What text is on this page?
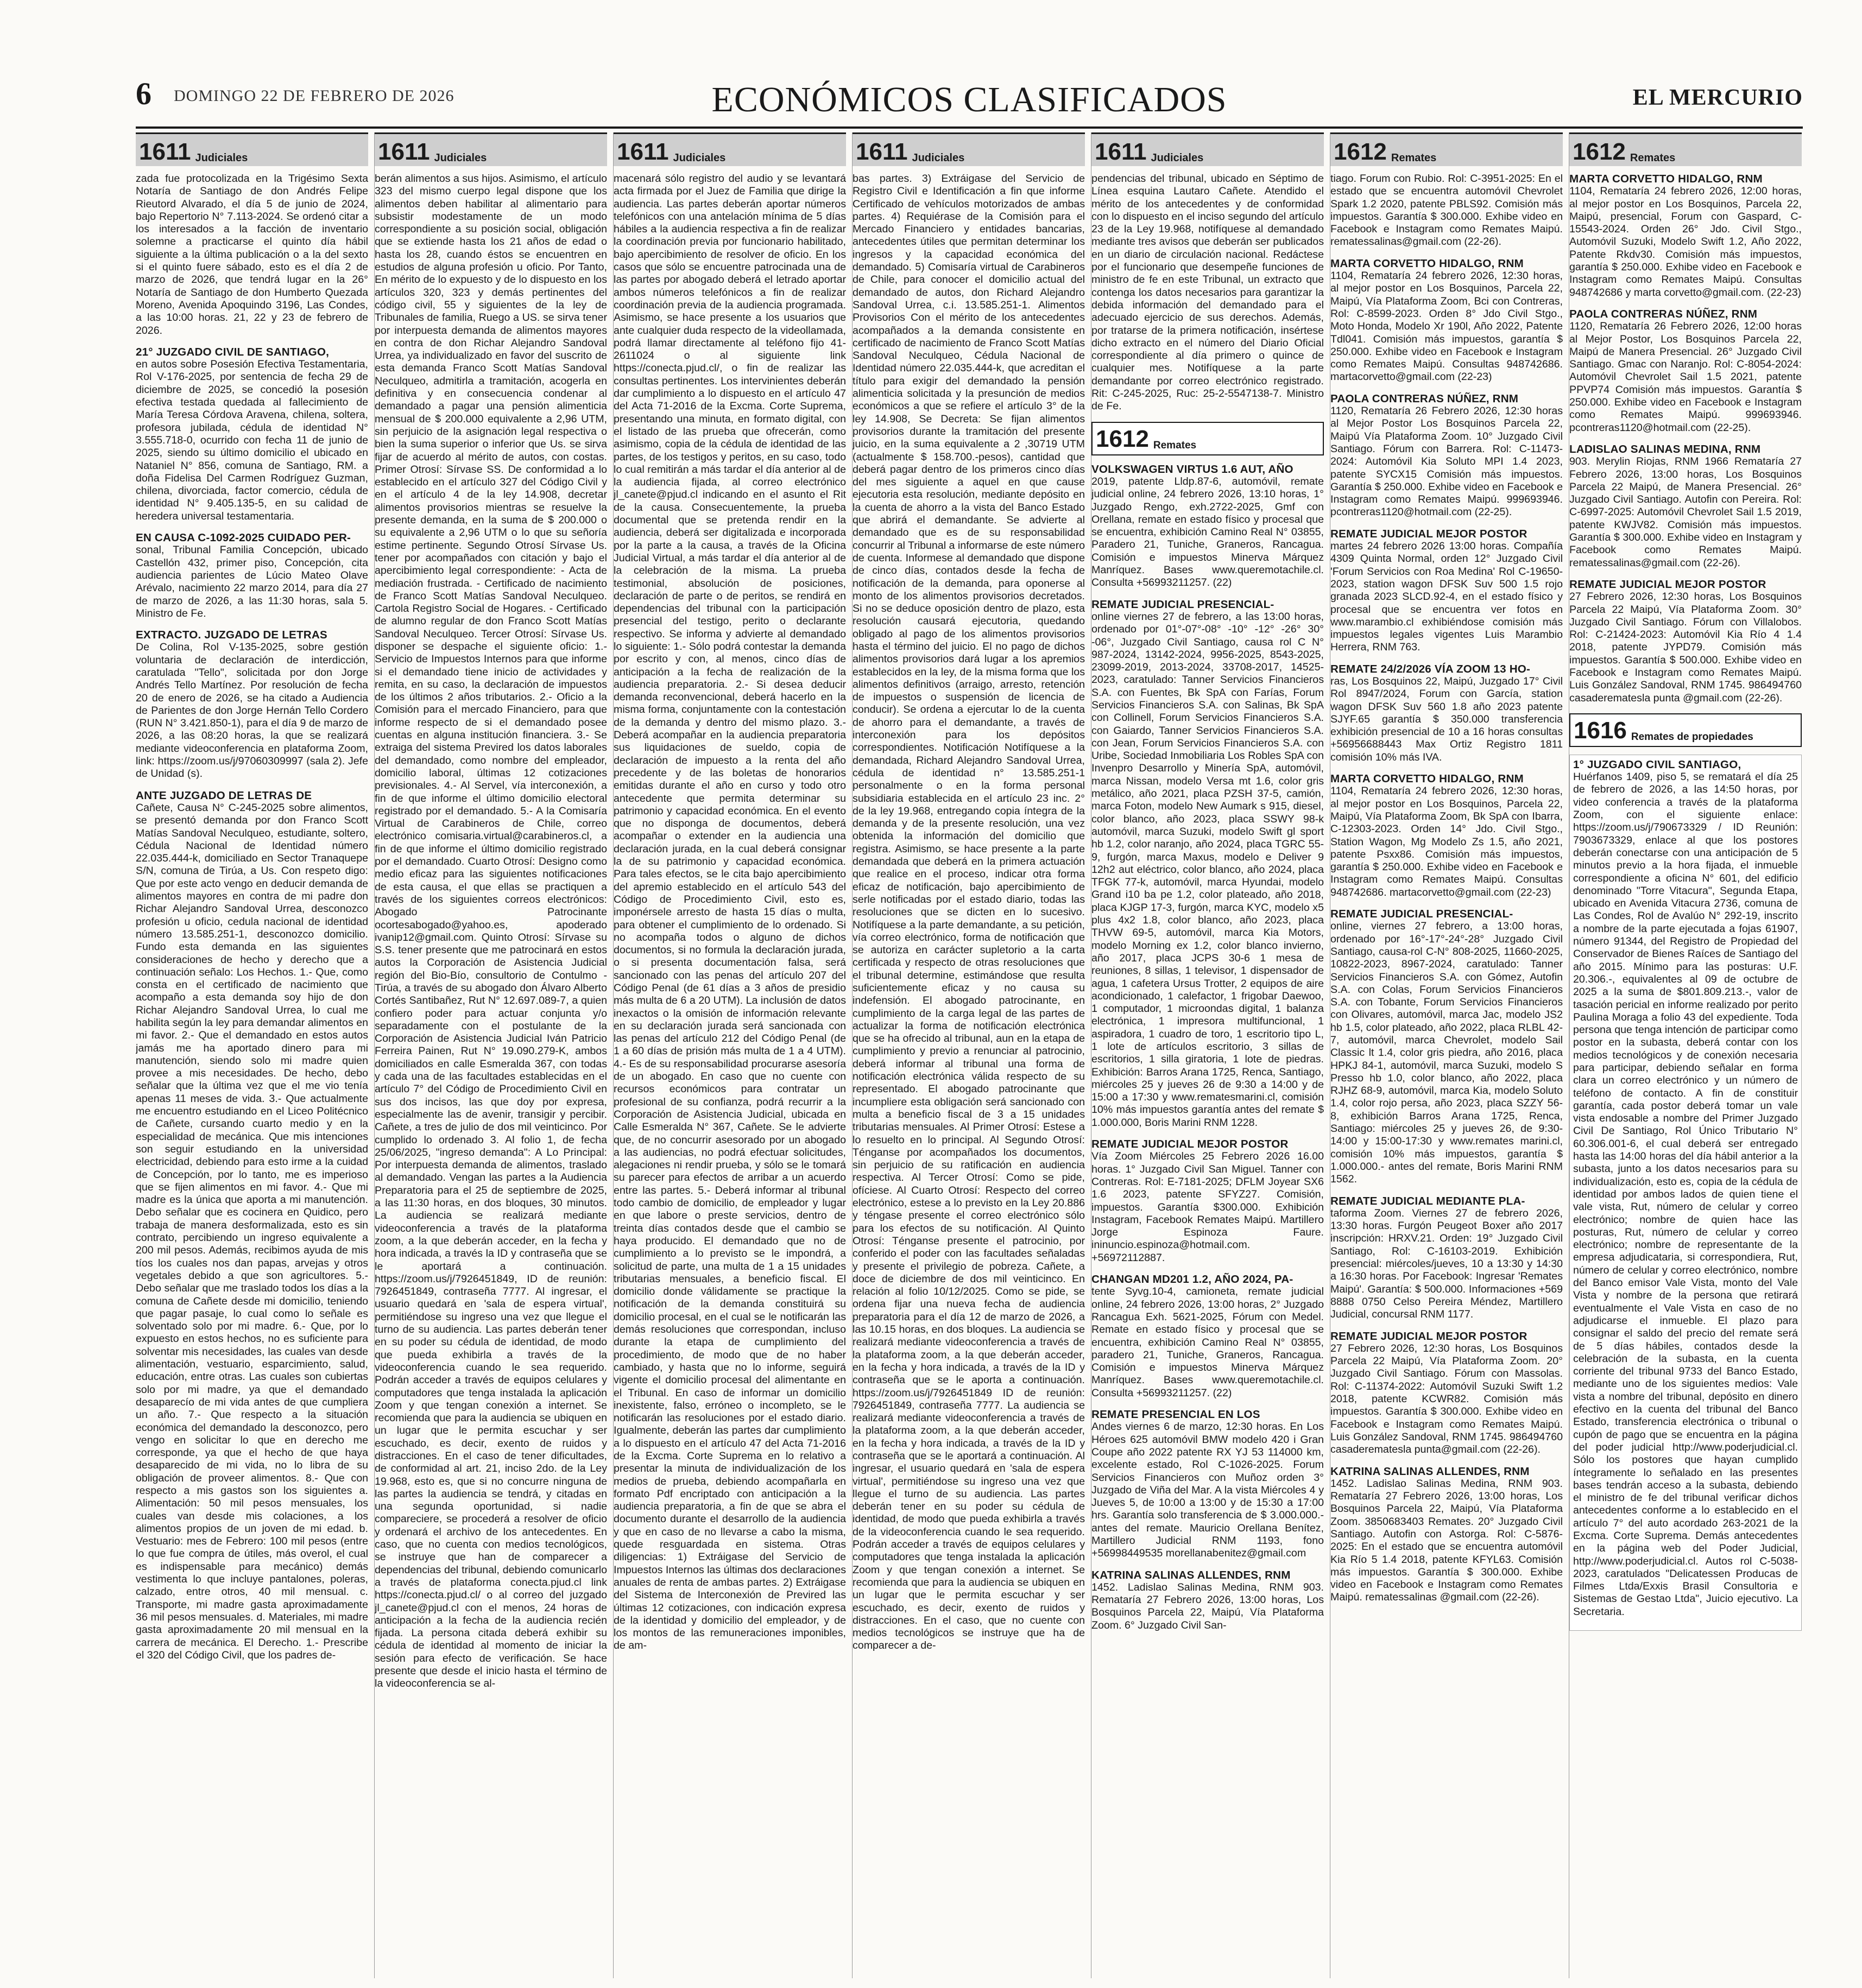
6 DOMINGO 22 DE FEBRERO DE 2026	ECONÓMICOS CLASIFICADOS	EL MERCURIO
1611 Judiciales
zada fue protocolizada en la Trigésimo Sexta Notaría de Santiago de don Andrés Felipe Rieutord Alvarado, el día 5 de junio de 2024, bajo Repertorio N° 7.113-2024. Se ordenó citar a los interesados a la facción de inventario solemne a practicarse el quinto día hábil siguiente a la última publicación o a la del sexto si el quinto fuere sábado, esto es el día 2 de marzo de 2026, que tendrá lugar en la 26° Notaría de Santiago de don Humberto Quezada Moreno, Avenida Apoquindo 3196, Las Condes, a las 10:00 horas. 21, 22 y 23 de febrero de 2026.
21° JUZGADO CIVIL DE SANTIAGO,
en autos sobre Posesión Efectiva Testamentaria, Rol V-176-2025, por sentencia de fecha 29 de diciembre de 2025, se concedió la posesión efectiva testada quedada al fallecimiento de María Teresa Córdova Aravena, chilena, soltera, profesora jubilada, cédula de identidad N° 3.555.718-0, ocurrido con fecha 11 de junio de 2025, siendo su último domicilio el ubicado en Nataniel N° 856, comuna de Santiago, RM. a doña Fidelisa Del Carmen Rodríguez Guzman, chilena, divorciada, factor comercio, cédula de identidad N° 9.405.135-5, en su calidad de heredera universal testamentaria.
EN CAUSA C-1092-2025 CUIDADO PER-
sonal, Tribunal Familia Concepción, ubicado Castellón 432, primer piso, Concepción, cita audiencia parientes de Lúcio Mateo Olave Arévalo, nacimiento 22 marzo 2014, para día 27 de marzo de 2026, a las 11:30 horas, sala 5. Ministro de Fe.
EXTRACTO. JUZGADO DE LETRAS
De Colina, Rol V-135-2025, sobre gestión voluntaria de declaración de interdicción, caratulada "Tello", solicitada por don Jorge Andrés Tello Martínez. Por resolución de fecha 20 de enero de 2026, se ha citado a Audiencia de Parientes de don Jorge Hernán Tello Cordero (RUN N° 3.421.850-1), para el día 9 de marzo de 2026, a las 08:20 horas, la que se realizará mediante videoconferencia en plataforma Zoom, link: https://zoom.us/j/97060309997 (sala 2). Jefe de Unidad (s).
ANTE JUZGADO DE LETRAS DE
Cañete, Causa N° C-245-2025 sobre alimentos, se presentó demanda por don Franco Scott Matías Sandoval Neculqueo, estudiante, soltero, Cédula Nacional de Identidad número 22.035.444-k, domiciliado en Sector Tranaquepe S/N, comuna de Tirúa, a Us. Con respeto digo: Que por este acto vengo en deducir demanda de alimentos mayores en contra de mi padre don Richar Alejandro Sandoval Urrea, desconozco profesión u oficio, cedula nacional de identidad número 13.585.251-1, desconozco domicilio. Fundo esta demanda en las siguientes consideraciones de hecho y derecho que a continuación señalo: Los Hechos. 1.- Que, como consta en el certificado de nacimiento que acompaño a esta demanda soy hijo de don Richar Alejandro Sandoval Urrea, lo cual me habilita según la ley para demandar alimentos en mi favor. 2.- Que el demandado en estos autos jamás me ha aportado dinero para mi manutención, siendo solo mi madre quien provee a mis necesidades. De hecho, debo señalar que la última vez que el me vio tenía apenas 11 meses de vida. 3.- Que actualmente me encuentro estudiando en el Liceo Politécnico de Cañete, cursando cuarto medio y en la especialidad de mecánica. Que mis intenciones son seguir estudiando en la universidad electricidad, debiendo para esto irme a la cuidad de Concepción, por lo tanto, me es imperioso que se fijen alimentos en mi favor. 4.- Que mi madre es la única que aporta a mi manutención. Debo señalar que es cocinera en Quidico, pero trabaja de manera desformalizada, esto es sin contrato, percibiendo un ingreso equivalente a 200 mil pesos. Además, recibimos ayuda de mis tíos los cuales nos dan papas, arvejas y otros vegetales debido a que son agricultores. 5.- Debo señalar que me traslado todos los días a la comuna de Cañete desde mi domicilio, teniendo que pagar pasaje, lo cual como lo señale es solventado solo por mi madre. 6.- Que, por lo expuesto en estos hechos, no es suficiente para solventar mis necesidades, las cuales van desde alimentación, vestuario, esparcimiento, salud, educación, entre otras. Las cuales son cubiertas solo por mi madre, ya que el demandado desaparecío de mi vida antes de que cumpliera un año. 7.- Que respecto a la situación económica del demandado la desconozco, pero vengo en solicitar lo que en derecho me corresponde, ya que el hecho de que haya desaparecido de mi vida, no lo libra de su obligación de proveer alimentos. 8.- Que con respecto a mis gastos son los siguientes a. Alimentación: 50 mil pesos mensuales, los cuales van desde mis colaciones, a los alimentos propios de un joven de mi edad. b. Vestuario: mes de Febrero: 100 mil pesos (entre lo que fue compra de útiles, más overol, el cual es indispensable para mecánico) demás vestimenta lo que incluye pantalones, poleras, calzado, entre otros, 40 mil mensual. c. Transporte, mi madre gasta aproximadamente 36 mil pesos mensuales. d. Materiales, mi madre gasta aproximadamente 20 mil mensual en la carrera de mecánica. El Derecho. 1.- Prescribe el 320 del Código Civil, que los padres de-
1611 Judiciales
berán alimentos a sus hijos. Asimismo, el artículo 323 del mismo cuerpo legal dispone que los alimentos deben habilitar al alimentario para subsistir modestamente de un modo correspondiente a su posición social, obligación que se extiende hasta los 21 años de edad o hasta los 28, cuando éstos se encuentren en estudios de alguna profesión u oficio. Por Tanto, En mérito de lo expuesto y de lo dispuesto en los artículos 320, 323 y demás pertinentes del código civil, 55 y siguientes de la ley de Tribunales de familia, Ruego a US. se sirva tener por interpuesta demanda de alimentos mayores en contra de don Richar Alejandro Sandoval Urrea, ya individualizado en favor del suscrito de esta demanda Franco Scott Matías Sandoval Neculqueo, admitirla a tramitación, acogerla en definitiva y en consecuencia condenar al demandado a pagar una pensión alimenticia mensual de $ 200.000 equivalente a 2,96 UTM, sin perjuicio de la asignación legal respectiva o bien la suma superior o inferior que Us. se sirva fijar de acuerdo al mérito de autos, con costas. Primer Otrosí: Sírvase SS. De conformidad a lo establecido en el artículo 327 del Código Civil y en el artículo 4 de la ley 14.908, decretar alimentos provisorios mientras se resuelve la presente demanda, en la suma de $ 200.000 o su equivalente a 2,96 UTM o lo que su señoría estime pertinente. Segundo Otrosí Sírvase Us. tener por acompañados con citación y bajo el apercibimiento legal correspondiente: - Acta de mediación frustrada. - Certificado de nacimiento de Franco Scott Matías Sandoval Neculqueo. Cartola Registro Social de Hogares. - Certificado de alumno regular de don Franco Scott Matías Sandoval Neculqueo. Tercer Otrosí: Sírvase Us. disponer se despache el siguiente oficio: 1.- Servicio de Impuestos Internos para que informe si el demandado tiene inicio de actividades y remita, en su caso, la declaración de impuestos de los últimos 2 años tributarios. 2.- Oficio a la Comisión para el mercado Financiero, para que informe respecto de si el demandado posee cuentas en alguna institución financiera. 3.- Se extraiga del sistema Previred los datos laborales del demandado, como nombre del empleador, domicilio laboral, últimas 12 cotizaciones previsionales. 4.- Al Servel, vía interconexión, a fin de que informe el último domicilio electoral registrado por el demandado. 5.- A la Comisaría Virtual de Carabineros de Chile, correo electrónico comisaria.virtual@carabineros.cl, a fin de que informe el último domicilio registrado por el demandado. Cuarto Otrosí: Designo como medio eficaz para las siguientes notificaciones de esta causa, el que ellas se practiquen a través de los siguientes correos electrónicos: Abogado Patrocinante ocortesabogado@yahoo.es, apoderado ivanip12@gmail.com. Quinto Otrosí: Sírvase su S.S. tener presente que me patrocinará en estos autos la Corporación de Asistencia Judicial región del Bio-Bío, consultorio de Contulmo - Tirúa, a través de su abogado don Álvaro Alberto Cortés Santibañez, Rut N° 12.697.089-7, a quien confiero poder para actuar conjunta y/o separadamente con el postulante de la Corporación de Asistencia Judicial Iván Patricio Ferreira Painen, Rut N° 19.090.279-K, ambos domiciliados en calle Esmeralda 367, con todas y cada una de las facultades establecidas en el artículo 7° del Código de Procedimiento Civil en sus dos incisos, las que doy por expresa, especialmente las de avenir, transigir y percibir. Cañete, a tres de julio de dos mil veinticinco. Por cumplido lo ordenado 3. Al folio 1, de fecha 25/06/2025, "ingreso demanda": A Lo Principal: Por interpuesta demanda de alimentos, traslado al demandado. Vengan las partes a la Audiencia Preparatoria para el 25 de septiembre de 2025, a las 11:30 horas, en dos bloques, 30 minutos. La audiencia se realizará mediante videoconferencia a través de la plataforma zoom, a la que deberán acceder, en la fecha y hora indicada, a través la ID y contraseña que se le aportará a continuación. https://zoom.us/j/7926451849, ID de reunión: 7926451849, contraseña 7777. Al ingresar, el usuario quedará en 'sala de espera virtual', permitiéndose su ingreso una vez que llegue el turno de su audiencia. Las partes deberán tener en su poder su cédula de identidad, de modo que pueda exhibirla a través de la videoconferencia cuando le sea requerido. Podrán acceder a través de equipos celulares y computadores que tenga instalada la aplicación Zoom y que tengan conexión a internet. Se recomienda que para la audiencia se ubiquen en un lugar que le permita escuchar y ser escuchado, es decir, exento de ruidos y distracciones. En el caso de tener dificultades, de conformidad al art. 21, inciso 2do. de la Ley 19.968, esto es, que si no concurre ninguna de las partes la audiencia se tendrá, y citadas en una segunda oportunidad, si nadie compareciere, se procederá a resolver de oficio y ordenará el archivo de los antecedentes. En caso, que no cuenta con medios tecnológicos, se instruye que han de comparecer a dependencias del tribunal, debiendo comunicarlo a través de plataforma conecta.pjud.cl link https://conecta.pjud.cl/ o al correo del juzgado jl_canete@pjud.cl con el menos, 24 horas de anticipación a la fecha de la audiencia recién fijada. La persona citada deberá exhibir su cédula de identidad al momento de iniciar la sesión para efecto de verificación. Se hace presente que desde el inicio hasta el término de la videoconferencia se al-
1611 Judiciales
macenará sólo registro del audio y se levantará acta firmada por el Juez de Familia que dirige la audiencia. Las partes deberán aportar números telefónicos con una antelación mínima de 5 días hábiles a la audiencia respectiva a fin de realizar la coordinación previa por funcionario habilitado, bajo apercibimiento de resolver de oficio. En los casos que sólo se encuentre patrocinada una de las partes por abogado deberá el letrado aportar ambos números telefónicos a fin de realizar coordinación previa de la audiencia programada. Asimismo, se hace presente a los usuarios que ante cualquier duda respecto de la videollamada, podrá llamar directamente al teléfono fijo 41-2611024 o al siguiente link https://conecta.pjud.cl/, o fin de realizar las consultas pertinentes. Los intervinientes deberán dar cumplimiento a lo dispuesto en el artículo 47 del Acta 71-2016 de la Excma. Corte Suprema, presentando una minuta, en formato digital, con el listado de las prueba que ofrecerán, como asimismo, copia de la cédula de identidad de las partes, de los testigos y peritos, en su caso, todo lo cual remitirán a más tardar el día anterior al de la audiencia fijada, al correo electrónico jl_canete@pjud.cl indicando en el asunto el Rit de la causa. Consecuentemente, la prueba documental que se pretenda rendir en la audiencia, deberá ser digitalizada e incorporada por la parte a la causa, a través de la Oficina Judicial Virtual, a más tardar el día anterior al de la celebración de la misma. La prueba testimonial, absolución de posiciones, declaración de parte o de peritos, se rendirá en dependencias del tribunal con la participación presencial del testigo, perito o declarante respectivo. Se informa y advierte al demandado lo siguiente: 1.- Sólo podrá contestar la demanda por escrito y con, al menos, cinco días de anticipación a la fecha de realización de la audiencia preparatoria. 2.- Si desea deducir demanda reconvencional, deberá hacerlo en la misma forma, conjuntamente con la contestación de la demanda y dentro del mismo plazo. 3.- Deberá acompañar en la audiencia preparatoria sus liquidaciones de sueldo, copia de declaración de impuesto a la renta del año precedente y de las boletas de honorarios emitidas durante el año en curso y todo otro antecedente que permita determinar su patrimonio y capacidad económica. En el evento que no disponga de documentos, deberá acompañar o extender en la audiencia una declaración jurada, en la cual deberá consignar la de su patrimonio y capacidad económica. Para tales efectos, se le cita bajo apercibimiento del apremio establecido en el artículo 543 del Código de Procedimiento Civil, esto es, imponérsele arresto de hasta 15 días o multa, para obtener el cumplimiento de lo ordenado. Si no acompaña todos o alguno de dichos documentos, si no formula la declaración jurada, o si presenta documentación falsa, será sancionado con las penas del artículo 207 del Código Penal (de 61 días a 3 años de presidio más multa de 6 a 20 UTM). La inclusión de datos inexactos o la omisión de información relevante en su declaración jurada será sancionada con las penas del artículo 212 del Código Penal (de 1 a 60 días de prisión más multa de 1 a 4 UTM). 4.- Es de su responsabilidad procurarse asesoría de un abogado. En caso que no cuente con recursos económicos para contratar un profesional de su confianza, podrá recurrir a la Corporación de Asistencia Judicial, ubicada en Calle Esmeralda N° 367, Cañete. Se le advierte que, de no concurrir asesorado por un abogado a las audiencias, no podrá efectuar solicitudes, alegaciones ni rendir prueba, y sólo se le tomará su parecer para efectos de arribar a un acuerdo entre las partes. 5.- Deberá informar al tribunal todo cambio de domicilio, de empleador y lugar en que labore o preste servicios, dentro de treinta días contados desde que el cambio se haya producido. El demandado que no de cumplimiento a lo previsto se le impondrá, a solicitud de parte, una multa de 1 a 15 unidades tributarias mensuales, a beneficio fiscal. El domicilio donde válidamente se practique la notificación de la demanda constituirá su domicilio procesal, en el cual se le notificarán las demás resoluciones que correspondan, incluso durante la etapa de cumplimiento del procedimiento, de modo que de no haber cambiado, y hasta que no lo informe, seguirá vigente el domicilio procesal del alimentante en el Tribunal. En caso de informar un domicilio inexistente, falso, erróneo o incompleto, se le notificarán las resoluciones por el estado diario. Igualmente, deberán las partes dar cumplimiento a lo dispuesto en el artículo 47 del Acta 71-2016 de la Excma. Corte Suprema en lo relativo a presentar la minuta de individualización de los medios de prueba, debiendo acompañarla en formato Pdf encriptado con anticipación a la audiencia preparatoria, a fin de que se abra el documento durante el desarrollo de la audiencia y que en caso de no llevarse a cabo la misma, quede resguardada en sistema. Otras diligencias: 1) Extráigase del Servicio de Impuestos Internos las últimas dos declaraciones anuales de renta de ambas partes. 2) Extráigase del Sistema de Interconexión de Previred las últimas 12 cotizaciones, con indicación expresa de la identidad y domicilio del empleador, y de los montos de las remuneraciones imponibles, de am-
1611 Judiciales
bas partes. 3) Extráigase del Servicio de Registro Civil e Identificación a fin que informe Certificado de vehículos motorizados de ambas partes. 4) Requiérase de la Comisión para el Mercado Financiero y entidades bancarias, antecedentes útiles que permitan determinar los ingresos y la capacidad económica del demandado. 5) Comisaría virtual de Carabineros de Chile, para conocer el domicilio actual del demandado de autos, don Richard Alejandro Sandoval Urrea, c.i. 13.585.251-1. Alimentos Provisorios Con el mérito de los antecedentes acompañados a la demanda consistente en certificado de nacimiento de Franco Scott Matías Sandoval Neculqueo, Cédula Nacional de Identidad número 22.035.444-k, que acreditan el título para exigir del demandado la pensión alimenticia solicitada y la presunción de medios económicos a que se refiere el artículo 3° de la ley 14.908, Se Decreta: Se fijan alimentos provisorios durante la tramitación del presente juicio, en la suma equivalente a 2 ,30719 UTM (actualmente $ 158.700.-pesos), cantidad que deberá pagar dentro de los primeros cinco días del mes siguiente a aquel en que cause ejecutoria esta resolución, mediante depósito en la cuenta de ahorro a la vista del Banco Estado que abrirá el demandante. Se advierte al demandado que es de su responsabilidad concurrir al Tribunal a informarse de este número de cuenta. Informese al demandado que dispone de cinco días, contados desde la fecha de notificación de la demanda, para oponerse al monto de los alimentos provisorios decretados. Si no se deduce oposición dentro de plazo, esta resolución causará ejecutoria, quedando obligado al pago de los alimentos provisorios hasta el término del juicio. El no pago de dichos alimentos provisorios dará lugar a los apremios establecidos en la ley, de la misma forma que los alimentos definitivos (arraigo, arresto, retención de impuestos o suspensión de licencia de conducir). Se ordena a ejercutar lo de la cuenta de ahorro para el demandante, a través de interconexión para los depósitos correspondientes. Notificación Notifíquese a la demandada, Richard Alejandro Sandoval Urrea, cédula de identidad n° 13.585.251-1 personalmente o en la forma personal subsidiaria establecida en el artículo 23 inc. 2° de la ley 19.968, entregando copia íntegra de la demanda y de la presente resolución, una vez obtenida la información del domicilio que registra. Asimismo, se hace presente a la parte demandada que deberá en la primera actuación que realice en el proceso, indicar otra forma eficaz de notificación, bajo apercibimiento de serle notificadas por el estado diario, todas las resoluciones que se dicten en lo sucesivo. Notifíquese a la parte demandante, a su petición, vía correo electrónico, forma de notificación que se autoriza en carácter supletorio a la carta certificada y respecto de otras resoluciones que el tribunal determine, estimándose que resulta suficientemente eficaz y no causa su indefensión. El abogado patrocinante, en cumplimiento de la carga legal de las partes de actualizar la forma de notificación electrónica que se ha ofrecido al tribunal, aun en la etapa de cumplimiento y previo a renunciar al patrocinio, deberá informar al tribunal una forma de notificación electrónica válida respecto de su representado. El abogado patrocinante que incumpliere esta obligación será sancionado con multa a beneficio fiscal de 3 a 15 unidades tributarias mensuales. Al Primer Otrosí: Estese a lo resuelto en lo principal. Al Segundo Otrosí: Ténganse por acompañados los documentos, sin perjuicio de su ratificación en audiencia respectiva. Al Tercer Otrosí: Como se pide, ofíciese. Al Cuarto Otrosí: Respecto del correo electrónico, estese a lo previsto en la Ley 20.886 y téngase presente el correo electrónico sólo para los efectos de su notificación. Al Quinto Otrosí: Ténganse presente el patrocinio, por conferido el poder con las facultades señaladas y presente el privilegio de pobreza. Cañete, a doce de diciembre de dos mil veinticinco. En relación al folio 10/12/2025. Como se pide, se ordena fijar una nueva fecha de audiencia preparatoria para el día 12 de marzo de 2026, a las 10.15 horas, en dos bloques. La audiencia se realizará mediante videoconferencia a través de la plataforma zoom, a la que deberán acceder, en la fecha y hora indicada, a través de la ID y contraseña que se le aporta a continuación. https://zoom.us/j/7926451849 ID de reunión: 7926451849, contraseña 7777. La audiencia se realizará mediante videoconferencia a través de la plataforma zoom, a la que deberán acceder, en la fecha y hora indicada, a través de la ID y contraseña que se le aportará a continuación. Al ingresar, el usuario quedará en 'sala de espera virtual', permitiéndose su ingreso una vez que llegue el turno de su audiencia. Las partes deberán tener en su poder su cédula de identidad, de modo que pueda exhibirla a través de la videoconferencia cuando le sea requerido. Podrán acceder a través de equipos celulares y computadores que tenga instalada la aplicación Zoom y que tengan conexión a internet. Se recomienda que para la audiencia se ubiquen en un lugar que le permita escuchar y ser escuchado, es decir, exento de ruidos y distracciones. En el caso, que no cuente con medios tecnológicos se instruye que ha de comparecer a de-
1611 Judiciales
pendencias del tribunal, ubicado en Séptimo de Línea esquina Lautaro Cañete. Atendido el mérito de los antecedentes y de conformidad con lo dispuesto en el inciso segundo del artículo 23 de la Ley 19.968, notifíquese al demandado mediante tres avisos que deberán ser publicados en un diario de circulación nacional. Redáctese por el funcionario que desempeñe funciones de ministro de fe en este Tribunal, un extracto que contenga los datos necesarios para garantizar la debida información del demandado para el adecuado ejercicio de sus derechos. Además, por tratarse de la primera notificación, insértese dicho extracto en el número del Diario Oficial correspondiente al día primero o quince de cualquier mes. Notifíquese a la parte demandante por correo electrónico registrado. Rit: C-245-2025, Ruc: 25-2-5547138-7. Ministro de Fe.
1612 Remates
VOLKSWAGEN VIRTUS 1.6 AUT, AÑO
2019, patente Lldp.87-6, automóvil, remate judicial online, 24 febrero 2026, 13:10 horas, 1° Juzgado Rengo, exh.2722-2025, Gmf con Orellana, remate en estado físico y procesal que se encuentra, exhibición Camino Real N° 03855, Paradero 21, Tuniche, Graneros, Rancagua. Comisión e impuestos Minerva Márquez Manríquez. Bases www.queremotachile.cl. Consulta +56993211257. (22)
REMATE JUDICIAL PRESENCIAL-
online viernes 27 de febrero, a las 13:00 horas, ordenado por 01°-07°-08° -10° -12° -26° 30° -06°, Juzgado Civil Santiago, causa rol C N° 987-2024, 13142-2024, 9956-2025, 8543-2025, 23099-2019, 2013-2024, 33708-2017, 14525-2023, caratulado: Tanner Servicios Financieros S.A. con Fuentes, Bk SpA con Farías, Forum Servicios Financieros S.A. con Salinas, Bk SpA con Collinell, Forum Servicios Financieros S.A. con Gaiardo, Tanner Servicios Financieros S.A. con Jean, Forum Servicios Financieros S.A. con Uribe, Sociedad Inmobiliaria Los Robles SpA con Invenpro Desarrollo y Minería SpA, automóvil, marca Nissan, modelo Versa mt 1.6, color gris metálico, año 2021, placa PZSH 37-5, camión, marca Foton, modelo New Aumark s 915, diesel, color blanco, año 2023, placa SSWY 98-k automóvil, marca Suzuki, modelo Swift gl sport hb 1.2, color naranjo, año 2024, placa TGRC 55-9, furgón, marca Maxus, modelo e Deliver 9 12h2 aut eléctrico, color blanco, año 2024, placa TFGK 77-k, automóvil, marca Hyundai, modelo Grand i10 ba pe 1.2, color plateado, año 2018, placa KJGP 17-3, furgón, marca KYC, modelo x5 plus 4x2 1.8, color blanco, año 2023, placa THVW 69-5, automóvil, marca Kia Motors, modelo Morning ex 1.2, color blanco invierno, año 2017, placa JCPS 30-6 1 mesa de reuniones, 8 sillas, 1 televisor, 1 dispensador de agua, 1 cafetera Ursus Trotter, 2 equipos de aire acondicionado, 1 calefactor, 1 frigobar Daewoo, 1 computador, 1 microondas digital, 1 balanza electrónica, 1 impresora multifuncional, 1 aspiradora, 1 cuadro de toro, 1 escritorio tipo L, 1 lote de artículos escritorio, 3 sillas de escritorios, 1 silla giratoria, 1 lote de piedras. Exhibición: Barros Arana 1725, Renca, Santiago, miércoles 25 y jueves 26 de 9:30 a 14:00 y de 15:00 a 17:30 y www.rematesmarini.cl, comisión 10% más impuestos garantía antes del remate $ 1.000.000, Boris Marini RNM 1228.
REMATE JUDICIAL MEJOR POSTOR
Vía Zoom Miércoles 25 Febrero 2026 16.00 horas. 1° Juzgado Civil San Miguel. Tanner con Contreras. Rol: E-7181-2025; DFLM Joyear SX6 1.6 2023, patente SFYZ27. Comisión, impuestos. Garantía $300.000. Exhibición Instagram, Facebook Remates Maipú. Martillero Jorge Espinoza Faure. ininuncio.espinoza@hotmail.com. +56972112887.
CHANGAN MD201 1.2, AÑO 2024, PA-
tente Syvg.10-4, camioneta, remate judicial online, 24 febrero 2026, 13:00 horas, 2° Juzgado Rancagua Exh. 5621-2025, Fórum con Medel. Remate en estado físico y procesal que se encuentra, exhibición Camino Real N° 03855, paradero 21, Tuniche, Graneros, Rancagua. Comisión e impuestos Minerva Márquez Manríquez. Bases www.queremotachile.cl. Consulta +56993211257. (22)
REMATE PRESENCIAL EN LOS
Andes viernes 6 de marzo, 12:30 horas. En Los Héroes 625 automóvil BMW modelo 420 i Gran Coupe año 2022 patente RX YJ 53 114000 km, excelente estado, Rol C-1026-2025. Forum Servicios Financieros con Muñoz orden 3° Juzgado de Viña del Mar. A la vista Miércoles 4 y Jueves 5, de 10:00 a 13:00 y de 15:30 a 17:00 hrs. Garantía solo transferencia de $ 3.000.000.- antes del remate. Mauricio Orellana Benítez, Martillero Judicial RNM 1193, fono +56998449535 morellanabenitez@gmail.com
KATRINA SALINAS ALLENDES, RNM
1452. Ladislao Salinas Medina, RNM 903. Remataría 27 Febrero 2026, 13:00 horas, Los Bosquinos Parcela 22, Maipú, Vía Plataforma Zoom. 6° Juzgado Civil San-
1612 Remates
tiago. Forum con Rubio. Rol: C-3951-2025: En el estado que se encuentra automóvil Chevrolet Spark 1.2 2020, patente PBLS92. Comisión más impuestos. Garantía $ 300.000. Exhibe video en Facebook e Instagram como Remates Maipú. rematessalinas@gmail.com (22-26).
MARTA CORVETTO HIDALGO, RNM
1104, Remataría 24 febrero 2026, 12:30 horas, al mejor postor en Los Bosquinos, Parcela 22, Maipú, Vía Plataforma Zoom, Bci con Contreras, Rol: C-8599-2023. Orden 8° Jdo Civil Stgo., Moto Honda, Modelo Xr 190l, Año 2022, Patente Tdl041. Comisión más impuestos, garantía $ 250.000. Exhibe video en Facebook e Instagram como Remates Maipú. Consultas 948742686. martacorvetto@gmail.com (22-23)
PAOLA CONTRERAS NÚÑEZ, RNM
1120, Remataría 26 Febrero 2026, 12:30 horas al Mejor Postor Los Bosquinos Parcela 22, Maipú Vía Plataforma Zoom. 10° Juzgado Civil Santiago. Fórum con Barrera. Rol: C-11473-2024: Automóvil Kia Soluto MPI 1.4 2023, patente SYCX15 Comisión más impuestos. Garantía $ 250.000. Exhibe video en Facebook e Instagram como Remates Maipú. 999693946. pcontreras1120@hotmail.com (22-25).
REMATE JUDICIAL MEJOR POSTOR
martes 24 febrero 2026 13:00 horas. Compañía 4309 Quinta Normal, orden 12° Juzgado Civil 'Forum Servicios con Roa Medina' Rol C-19650-2023, station wagon DFSK Suv 500 1.5 rojo granada 2023 SLCD.92-4, en el estado físico y procesal que se encuentra ver fotos en www.marambio.cl exhibiéndose comisión más impuestos legales vigentes Luis Marambio Herrera, RNM 763.
REMATE 24/2/2026 VÍA ZOOM 13 HO-
ras, Los Bosquinos 22, Maipú, Juzgado 17° Civil Rol 8947/2024, Forum con García, station wagon DFSK Suv 560 1.8 año 2023 patente SJYF.65 garantía $ 350.000 transferencia exhibición presencial de 10 a 16 horas consultas +56956688443 Max Ortiz Registro 1811 comisión 10% más IVA.
MARTA CORVETTO HIDALGO, RNM
1104, Remataría 24 febrero 2026, 12:30 horas, al mejor postor en Los Bosquinos, Parcela 22, Maipú, Vía Plataforma Zoom, Bk SpA con Ibarra, C-12303-2023. Orden 14° Jdo. Civil Stgo., Station Wagon, Mg Modelo Zs 1.5, año 2021, patente Psxx86. Comisión más impuestos, garantía $ 250.000. Exhibe video en Facebook e Instagram como Remates Maipú. Consultas 948742686. martacorvetto@gmail.com (22-23)
REMATE JUDICIAL PRESENCIAL-
online, viernes 27 febrero, a 13:00 horas, ordenado por 16°-17°-24°-28° Juzgado Civil Santiago, causa-rol C-N° 808-2025, 11660-2025, 10822-2023, 8967-2024, caratulado: Tanner Servicios Financieros S.A. con Gómez, Autofin S.A. con Colas, Forum Servicios Financieros S.A. con Tobante, Forum Servicios Financieros con Olivares, automóvil, marca Jac, modelo JS2 hb 1.5, color plateado, año 2022, placa RLBL 42-7, automóvil, marca Chevrolet, modelo Sail Classic lt 1.4, color gris piedra, año 2016, placa HPKJ 84-1, automóvil, marca Suzuki, modelo S Presso hb 1.0, color blanco, año 2022, placa RJHZ 68-9, automóvil, marca Kia, modelo Soluto 1.4, color rojo persa, año 2023, placa SZZY 56-8, exhibición Barros Arana 1725, Renca, Santiago: miércoles 25 y jueves 26, de 9:30-14:00 y 15:00-17:30 y www.remates marini.cl, comisión 10% más impuestos, garantía $ 1.000.000.- antes del remate, Boris Marini RNM 1562.
REMATE JUDICIAL MEDIANTE PLA-
taforma Zoom. Viernes 27 de febrero 2026, 13:30 horas. Furgón Peugeot Boxer año 2017 inscripción: HRXV.21. Orden: 19° Juzgado Civil Santiago, Rol: C-16103-2019. Exhibición presencial: miércoles/jueves, 10 a 13:30 y 14:30 a 16:30 horas. Por Facebook: Ingresar 'Remates Maipú'. Garantía: $ 500.000. Informaciones +569 8888 0750 Celso Pereira Méndez, Martillero Judicial, concursal RNM 1177.
REMATE JUDICIAL MEJOR POSTOR
27 Febrero 2026, 12:30 horas, Los Bosquinos Parcela 22 Maipú, Vía Plataforma Zoom. 20° Juzgado Civil Santiago. Fórum con Massolas. Rol: C-11374-2022: Automóvil Suzuki Swift 1.2 2018, patente KCWR82. Comisión más impuestos. Garantía $ 300.000. Exhibe video en Facebook e Instagram como Remates Maipú. Luis González Sandoval, RNM 1745. 986494760 casaderematesla punta@gmail.com (22-26).
KATRINA SALINAS ALLENDES, RNM
1452. Ladislao Salinas Medina, RNM 903. Remataría 27 Febrero 2026, 13:00 horas, Los Bosquinos Parcela 22, Maipú, Vía Plataforma Zoom. 3850683403 Remates. 20° Juzgado Civil Santiago. Autofin con Astorga. Rol: C-5876-2025: En el estado que se encuentra automóvil Kia Río 5 1.4 2018, patente KFYL63. Comisión más impuestos. Garantía $ 300.000. Exhibe video en Facebook e Instagram como Remates Maipú. rematessalinas @gmail.com (22-26).
1612 Remates
MARTA CORVETTO HIDALGO, RNM
1104, Remataría 24 febrero 2026, 12:00 horas, al mejor postor en Los Bosquinos, Parcela 22, Maipú, presencial, Forum con Gaspard, C-15543-2024. Orden 26° Jdo. Civil Stgo., Automóvil Suzuki, Modelo Swift 1.2, Año 2022, Patente Rkdv30. Comisión más impuestos, garantía $ 250.000. Exhibe video en Facebook e Instagram como Remates Maipú. Consultas 948742686 y marta corvetto@gmail.com. (22-23)
PAOLA CONTRERAS NÚÑEZ, RNM
1120, Remataría 26 Febrero 2026, 12:00 horas al Mejor Postor, Los Bosquinos Parcela 22, Maipú de Manera Presencial. 26° Juzgado Civil Santiago. Gmac con Naranjo. Rol: C-8054-2024: Automóvil Chevrolet Sail 1.5 2021, patente PPVP74 Comisión más impuestos. Garantía $ 250.000. Exhibe video en Facebook e Instagram como Remates Maipú. 999693946. pcontreras1120@hotmail.com (22-25).
LADISLAO SALINAS MEDINA, RNM
903. Merylin Riojas, RNM 1966 Remataría 27 Febrero 2026, 13:00 horas, Los Bosquinos Parcela 22 Maipú, de Manera Presencial. 26° Juzgado Civil Santiago. Autofin con Pereira. Rol: C-6997-2025: Automóvil Chevrolet Sail 1.5 2019, patente KWJV82. Comisión más impuestos. Garantía $ 300.000. Exhibe video en Instagram y Facebook como Remates Maipú. rematessalinas@gmail.com (22-26).
REMATE JUDICIAL MEJOR POSTOR
27 Febrero 2026, 12:30 horas, Los Bosquinos Parcela 22 Maipú, Vía Plataforma Zoom. 30° Juzgado Civil Santiago. Fórum con Villalobos. Rol: C-21424-2023: Automóvil Kia Río 4 1.4 2018, patente JYPD79. Comisión más impuestos. Garantía $ 500.000. Exhibe video en Facebook e Instagram como Remates Maipú. Luis González Sandoval, RNM 1745. 986494760 casaderematesla punta @gmail.com (22-26).
1616 Remates de propiedades
1° JUZGADO CIVIL SANTIAGO,
Huérfanos 1409, piso 5, se rematará el día 25 de febrero de 2026, a las 14:50 horas, por video conferencia a través de la plataforma Zoom, con el siguiente enlace: https://zoom.us/j/790673329 / ID Reunión: 7903673329, enlace al que los postores deberán conectarse con una anticipación de 5 minutos previo a la hora fijada, el inmueble correspondiente a oficina N° 601, del edificio denominado "Torre Vitacura", Segunda Etapa, ubicado en Avenida Vitacura 2736, comuna de Las Condes, Rol de Avalúo N° 292-19, inscrito a nombre de la parte ejecutada a fojas 61907, número 91344, del Registro de Propiedad del Conservador de Bienes Raíces de Santiago del año 2015. Mínimo para las posturas: U.F. 20.306.-, equivalentes al 09 de octubre de 2025 a la suma de $801.809.213.-, valor de tasación pericial en informe realizado por perito Paulina Moraga a folio 43 del expediente. Toda persona que tenga intención de participar como postor en la subasta, deberá contar con los medios tecnológicos y de conexión necesaria para participar, debiendo señalar en forma clara un correo electrónico y un número de teléfono de contacto. A fin de constituir garantía, cada postor deberá tomar un vale vista endosable a nombre del Primer Juzgado Civil De Santiago, Rol Único Tributario N° 60.306.001-6, el cual deberá ser entregado hasta las 14:00 horas del día hábil anterior a la subasta, junto a los datos necesarios para su individualización, esto es, copia de la cédula de identidad por ambos lados de quien tiene el vale vista, Rut, número de celular y correo electrónico; nombre de quien hace las posturas, Rut, número de celular y correo electrónico; nombre de representante de la empresa adjudicataria, si correspondiera, Rut, número de celular y correo electrónico, nombre del Banco emisor Vale Vista, monto del Vale Vista y nombre de la persona que retirará eventualmente el Vale Vista en caso de no adjudicarse el inmueble. El plazo para consignar el saldo del precio del remate será de 5 días hábiles, contados desde la celebración de la subasta, en la cuenta corriente del tribunal 9733 del Banco Estado, mediante uno de los siguientes medios: Vale vista a nombre del tribunal, depósito en dinero efectivo en la cuenta del tribunal del Banco Estado, transferencia electrónica o tribunal o cupón de pago que se encuentra en la página del poder judicial http://www.poderjudicial.cl. Sólo los postores que hayan cumplido íntegramente lo señalado en las presentes bases tendrán acceso a la subasta, debiendo el ministro de fe del tribunal verificar dichos antecedentes conforme a lo establecido en el artículo 7° del auto acordado 263-2021 de la Excma. Corte Suprema. Demás antecedentes en la página web del Poder Judicial, http://www.poderjudicial.cl. Autos rol C-5038-2023, caratulados "Delicatessen Producas de Filmes Ltda/Exxis Brasil Consultoria e Sistemas de Gestao Ltda", Juicio ejecutivo. La Secretaria.
